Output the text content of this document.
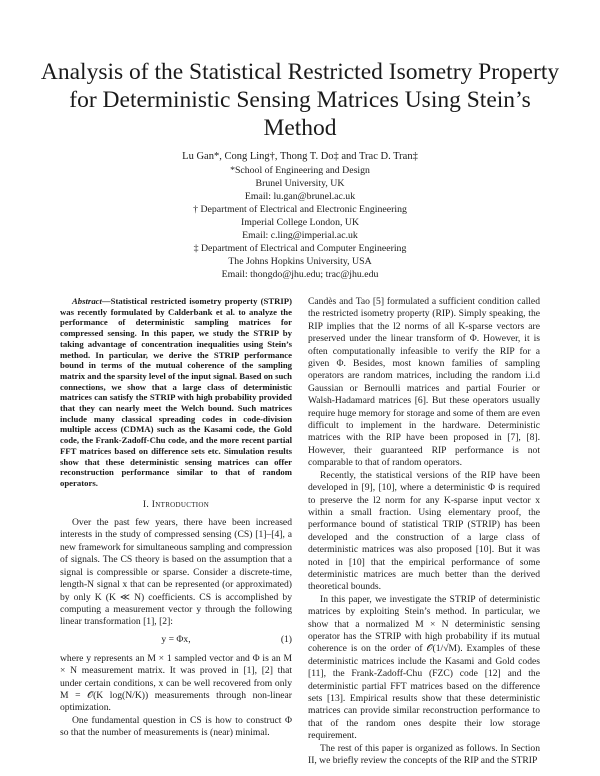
Analysis of the Statistical Restricted Isometry Property for Deterministic Sensing Matrices Using Stein’s Method
Lu Gan*, Cong Ling†, Thong T. Do‡ and Trac D. Tran‡
*School of Engineering and Design
Brunel University, UK
Email: lu.gan@brunel.ac.uk
† Department of Electrical and Electronic Engineering
Imperial College London, UK
Email: c.ling@imperial.ac.uk
‡ Department of Electrical and Computer Engineering
The Johns Hopkins University, USA
Email: thongdo@jhu.edu; trac@jhu.edu

Abstract—Statistical restricted isometry property (STRIP) was recently formulated by Calderbank et al. to analyze the performance of deterministic sampling matrices for compressed sensing. In this paper, we study the STRIP by taking advantage of concentration inequalities using Stein’s method. In particular, we derive the STRIP performance bound in terms of the mutual coherence of the sampling matrix and the sparsity level of the input signal. Based on such connections, we show that a large class of deterministic matrices can satisfy the STRIP with high probability provided that they can nearly meet the Welch bound. Such matrices include many classical spreading codes in code-division multiple access (CDMA) such as the Kasami code, the Gold code, the Frank-Zadoff-Chu code, and the more recent partial FFT matrices based on difference sets etc. Simulation results show that these deterministic sensing matrices can offer reconstruction performance similar to that of random operators.

I. Introduction

Over the past few years, there have been increased interests in the study of compressed sensing (CS) [1]–[4], a new framework for simultaneous sampling and compression of signals. The CS theory is based on the assumption that a signal is compressible or sparse. Consider a discrete-time, length-N signal x that can be represented (or approximated) by only K (K ≪ N) coefficients. CS is accomplished by computing a measurement vector y through the following linear transformation [1], [2]:

y = Φx,	(1)

where y represents an M × 1 sampled vector and Φ is an M × N measurement matrix. It was proved in [1], [2] that under certain conditions, x can be well recovered from only M = 𝒪(K log(N/K)) measurements through non-linear optimization.

One fundamental question in CS is how to construct Φ so that the number of measurements is (near) minimal.

Candès and Tao [5] formulated a sufficient condition called the restricted isometry property (RIP). Simply speaking, the RIP implies that the l2 norms of all K-sparse vectors are preserved under the linear transform of Φ. However, it is often computationally infeasible to verify the RIP for a given Φ. Besides, most known families of sampling operators are random matrices, including the random i.i.d Gaussian or Bernoulli matrices and partial Fourier or Walsh-Hadamard matrices [6]. But these operators usually require huge memory for storage and some of them are even difficult to implement in the hardware. Deterministic matrices with the RIP have been proposed in [7], [8]. However, their guaranteed RIP performance is not comparable to that of random operators.

Recently, the statistical versions of the RIP have been developed in [9], [10], where a deterministic Φ is required to preserve the l2 norm for any K-sparse input vector x within a small fraction. Using elementary proof, the performance bound of statistical TRIP (STRIP) has been developed and the construction of a large class of deterministic matrices was also proposed [10]. But it was noted in [10] that the empirical performance of some deterministic matrices are much better than the derived theoretical bounds.

In this paper, we investigate the STRIP of deterministic matrices by exploiting Stein’s method. In particular, we show that a normalized M × N deterministic sensing operator has the STRIP with high probability if its mutual coherence is on the order of 𝒪(1/√M). Examples of these deterministic matrices include the Kasami and Gold codes [11], the Frank-Zadoff-Chu (FZC) code [12] and the deterministic partial FFT matrices based on the difference sets [13]. Empirical results show that these deterministic matrices can provide similar reconstruction performance to that of the random ones despite their low storage requirement.

The rest of this paper is organized as follows. In Section II, we briefly review the concepts of the RIP and the STRIP
